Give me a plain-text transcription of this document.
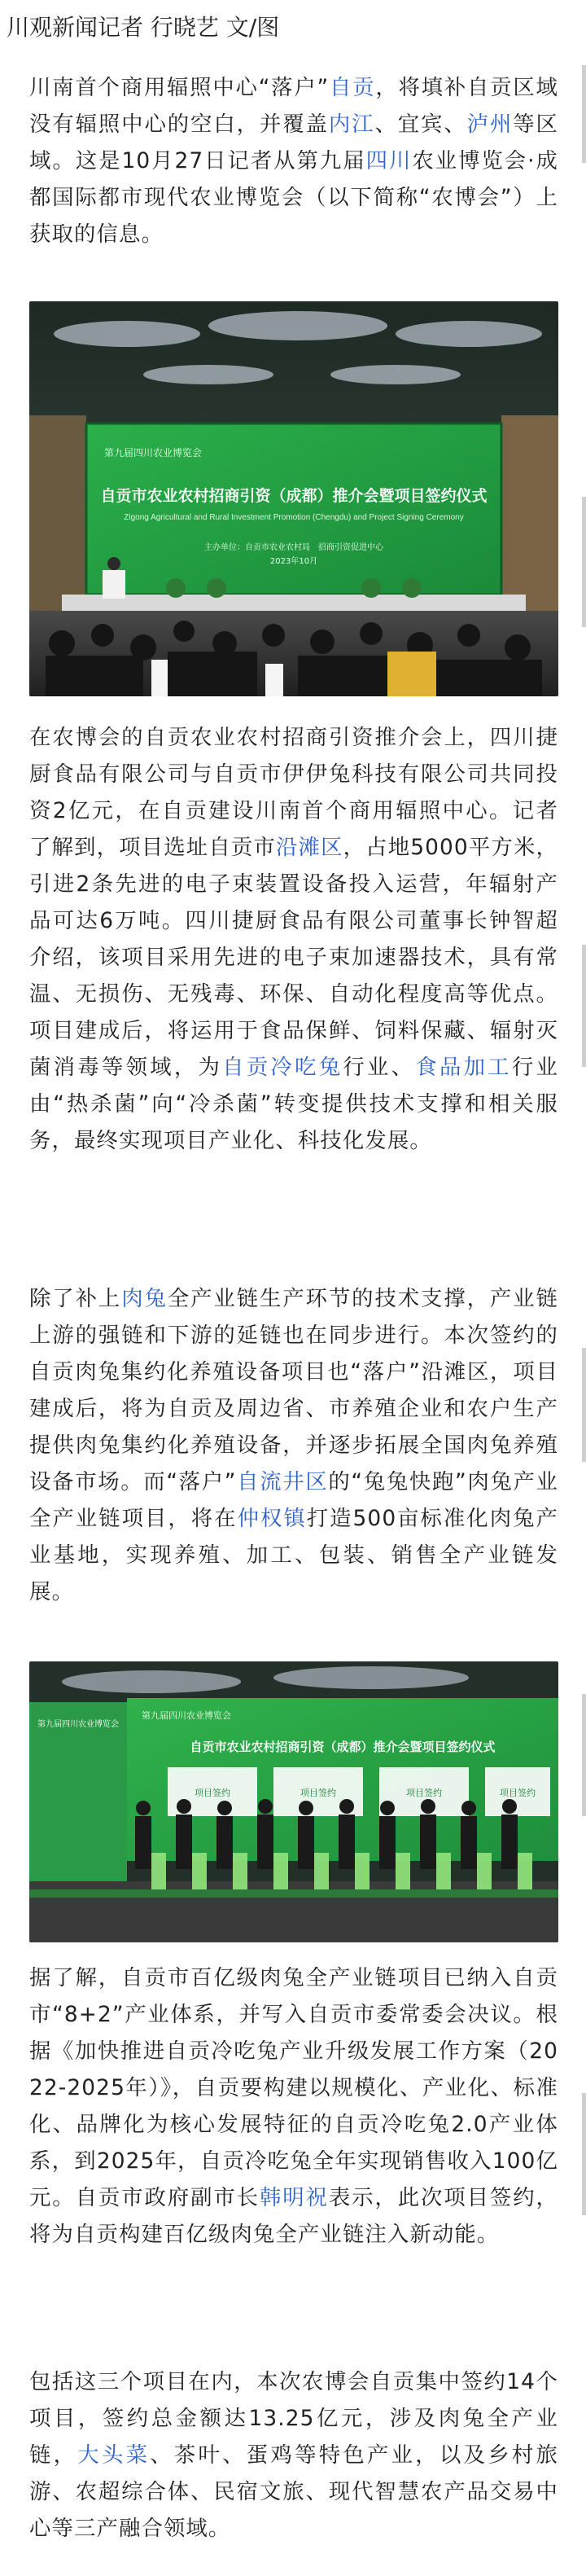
川观新闻记者 行晓艺 文/图

川南首个商用辐照中心“落户”自贡，将填补自贡区域没有辐照中心的空白，并覆盖内江、宜宾、泸州等区域。这是10月27日记者从第九届四川农业博览会·成都国际都市现代农业博览会（以下简称“农博会”）上获取的信息。

第九届四川农业博览会
自贡市农业农村招商引资（成都）推介会暨项目签约仪式
Zigong Agricultural and Rural Investment Promotion (Chengdu) and Project Signing Ceremony
主办单位：自贡市农业农村局　招商引资促进中心
2023年10月

在农博会的自贡农业农村招商引资推介会上，四川捷厨食品有限公司与自贡市伊伊兔科技有限公司共同投资2亿元，在自贡建设川南首个商用辐照中心。记者了解到，项目选址自贡市沿滩区，占地5000平方米，引进2条先进的电子束装置设备投入运营，年辐射产品可达6万吨。四川捷厨食品有限公司董事长钟智超介绍，该项目采用先进的电子束加速器技术，具有常温、无损伤、无残毒、环保、自动化程度高等优点。项目建成后，将运用于食品保鲜、饲料保藏、辐射灭菌消毒等领域，为自贡冷吃兔行业、食品加工行业由“热杀菌”向“冷杀菌”转变提供技术支撑和相关服务，最终实现项目产业化、科技化发展。

除了补上肉兔全产业链生产环节的技术支撑，产业链上游的强链和下游的延链也在同步进行。本次签约的自贡肉兔集约化养殖设备项目也“落户”沿滩区，项目建成后，将为自贡及周边省、市养殖企业和农户生产提供肉兔集约化养殖设备，并逐步拓展全国肉兔养殖设备市场。而“落户”自流井区的“兔兔快跑”肉兔产业全产业链项目，将在仲权镇打造500亩标准化肉兔产业基地，实现养殖、加工、包装、销售全产业链发展。

第九届四川农业博览会
第九届四川农业博览会
自贡市农业农村招商引资（成都）推介会暨项目签约仪式
项目签约	项目签约	项目签约	项目签约

据了解，自贡市百亿级肉兔全产业链项目已纳入自贡市“8+2”产业体系，并写入自贡市委常委会决议。根据《加快推进自贡冷吃兔产业升级发展工作方案（2022-2025年）》，自贡要构建以规模化、产业化、标准化、品牌化为核心发展特征的自贡冷吃兔2.0产业体系，到2025年，自贡冷吃兔全年实现销售收入100亿元。自贡市政府副市长韩明祝表示，此次项目签约，将为自贡构建百亿级肉兔全产业链注入新动能。

包括这三个项目在内，本次农博会自贡集中签约14个项目，签约总金额达13.25亿元，涉及肉兔全产业链，大头菜、茶叶、蛋鸡等特色产业，以及乡村旅游、农超综合体、民宿文旅、现代智慧农产品交易中心等三产融合领域。
